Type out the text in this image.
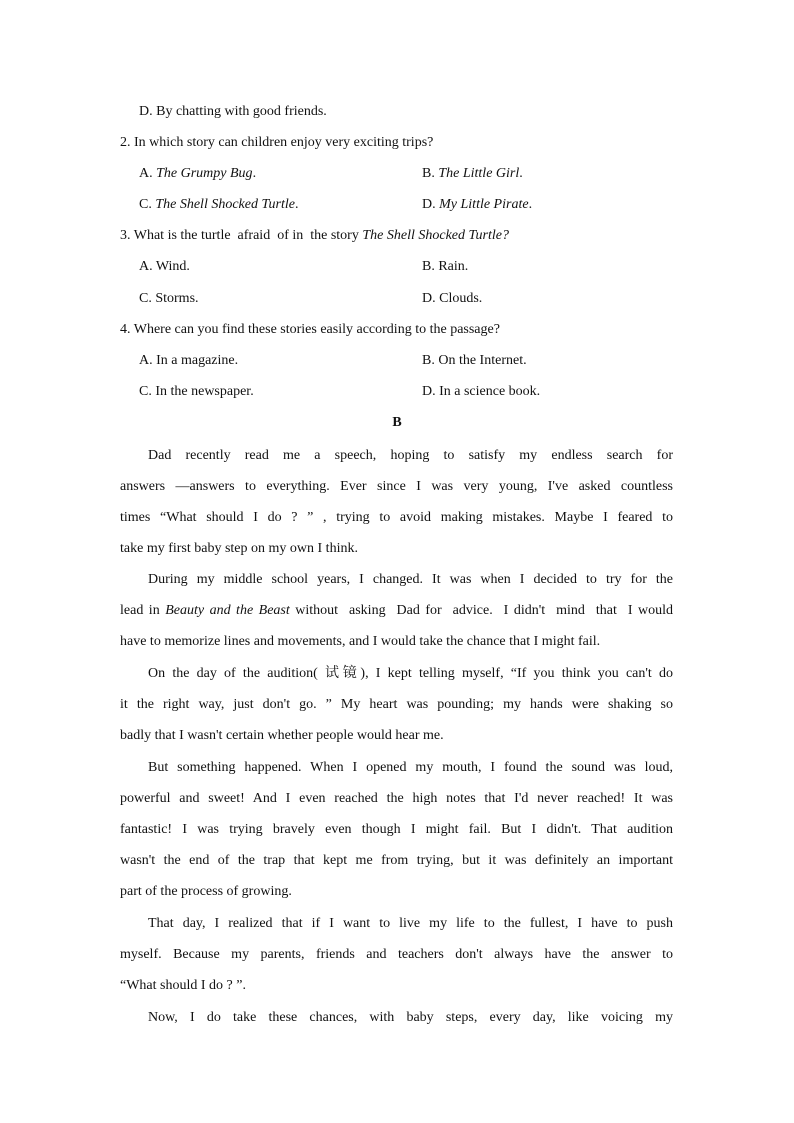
D. By chatting with good friends.
2. In which story can children enjoy very exciting trips?
A. The Grumpy Bug.	B. The Little Girl.
C. The Shell Shocked Turtle.	D. My Little Pirate.
3. What is the turtle  afraid  of in  the story The Shell Shocked Turtle?
A. Wind.	B. Rain.
C. Storms.	D. Clouds.
4. Where can you find these stories easily according to the passage?
A. In a magazine.	B. On the Internet.
C. In the newspaper.	D. In a science book.
B
Dad recently read me a speech, hoping to satisfy my endless search for
answers —answers to everything. Ever since I was very young, I've asked countless
times “What should I do ? ” , trying to avoid making mistakes. Maybe I feared to
take my first baby step on my own I think.
During my middle school years, I changed. It was when I decided to try for the
lead in Beauty and the Beast without  asking  Dad for  advice.  I didn't  mind  that  I would
have to memorize lines and movements, and I would take the chance that I might fail.
On the day of the audition( 试镜), I kept telling myself, “If you think you can't do
it the right way, just don't go. ” My heart was pounding; my hands were shaking so
badly that I wasn't certain whether people would hear me.
But something happened. When I opened my mouth, I found the sound was loud,
powerful and sweet! And I even reached the high notes that I'd never reached! It was
fantastic! I was trying bravely even though I might fail. But I didn't. That audition
wasn't the end of the trap that kept me from trying, but it was definitely an important
part of the process of growing.
That day, I realized that if I want to live my life to the fullest, I have to push
myself. Because my parents, friends and teachers don't always have the answer to
“What should I do ? ”.
Now, I do take these chances, with baby steps, every day, like voicing my
